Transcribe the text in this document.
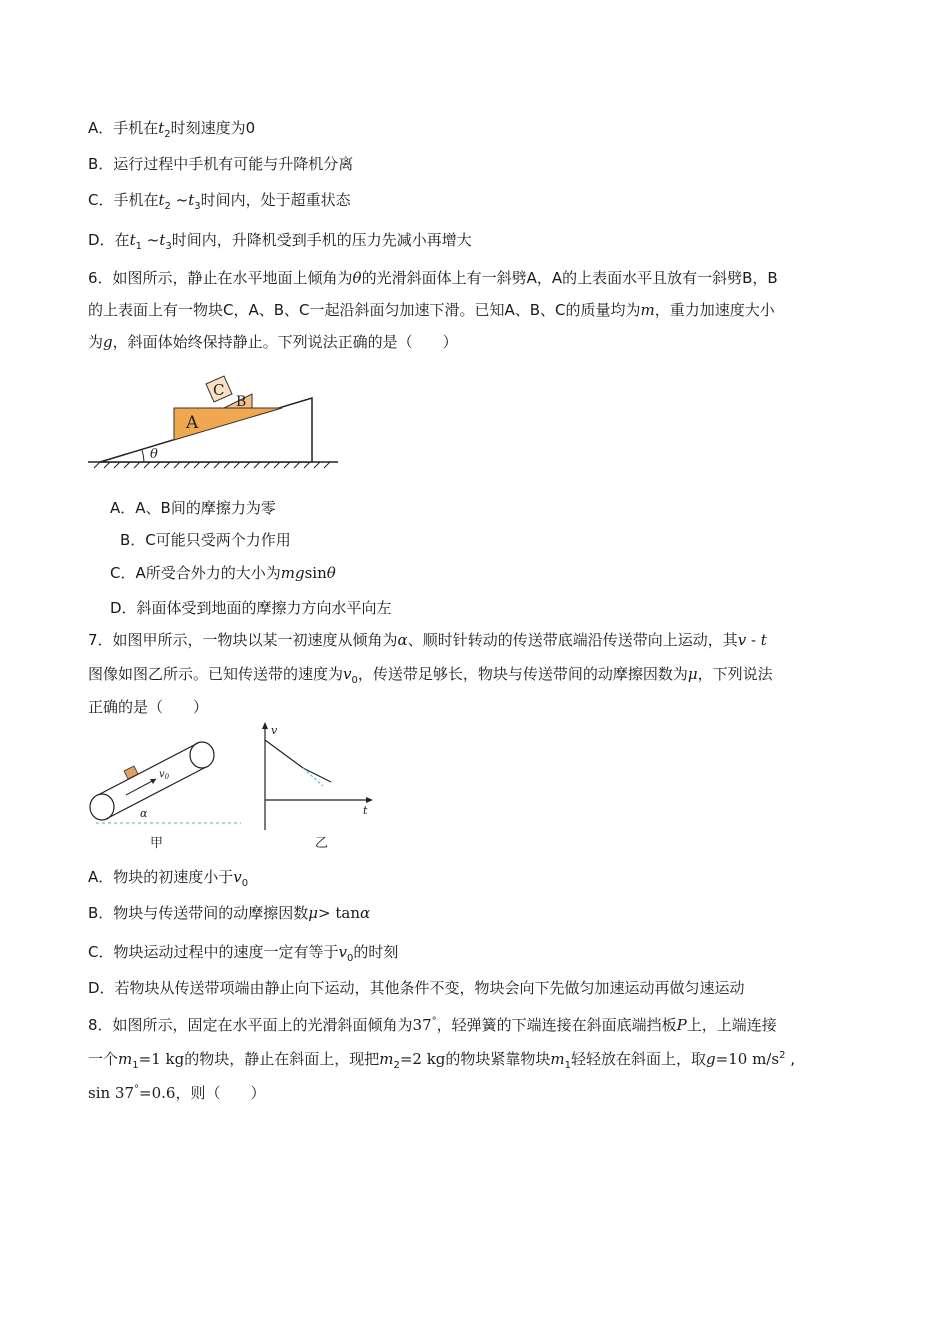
A．手机在$t_2$时刻速度为0
B．运行过程中手机有可能与升降机分离
C．手机在$t_2$ $\sim t_3$时间内，处于超重状态
D．在$t_1$ $\sim t_3$时间内，升降机受到手机的压力先减小再增大
6．如图所示，静止在水平地面上倾角为θ的光滑斜面体上有一斜劈A，A的上表面水平且放有一斜劈B，B
的上表面上有一物块C，A、B、C一起沿斜面匀加速下滑。已知A、B、C的质量均为m，重力加速度大小
为g，斜面体始终保持静止。下列说法正确的是（　　）
A
B
C
θ
A．A、B间的摩擦力为零
B．C可能只受两个力作用
C．A所受合外力的大小为mgsinθ
D．斜面体受到地面的摩擦力方向水平向左
7．如图甲所示，一物块以某一初速度从倾角为α、顺时针转动的传送带底端沿传送带向上运动，其v - t
图像如图乙所示。已知传送带的速度为$v_0$，传送带足够长，物块与传送带间的动摩擦因数为μ，下列说法
正确的是（　　）
$v_0$
α
甲
v
t
乙
A．物块的初速度小于$v_0$
B．物块与传送带间的动摩擦因数μ> tanα
C．物块运动过程中的速度一定有等于$v_0$的时刻
D．若物块从传送带项端由静止向下运动，其他条件不变，物块会向下先做匀加速运动再做匀速运动
8．如图所示，固定在水平面上的光滑斜面倾角为37°，轻弹簧的下端连接在斜面底端挡板P上，上端连接
一个$m_1=1$ kg的物块，静止在斜面上，现把$m_2=2$ kg的物块紧靠物块$m_1$轻轻放在斜面上，取g=10 $m/s^2$ ,
sin 37°=0.6，则（　　）
